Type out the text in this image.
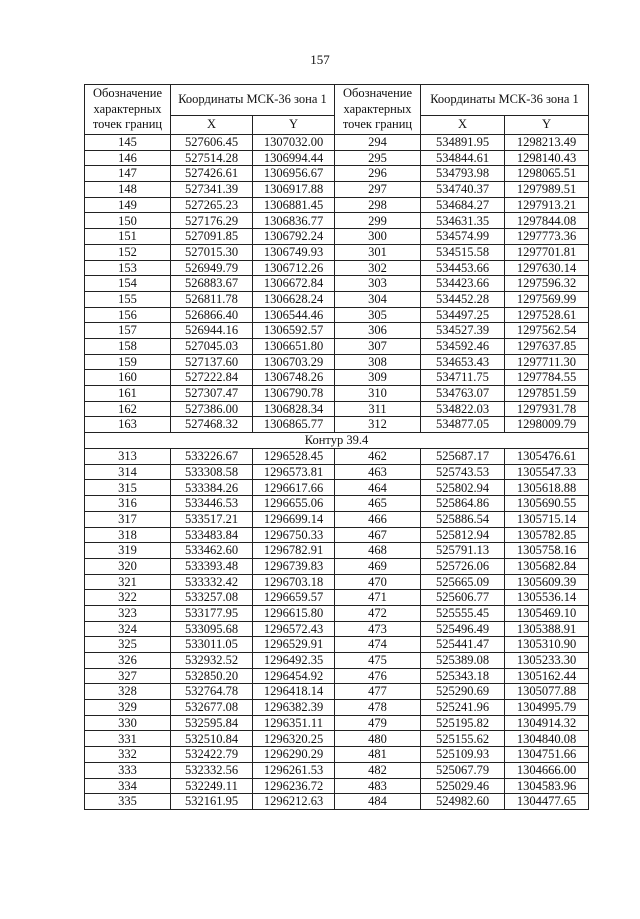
157
Обозначение характерных точек границ	Координаты МСК-36 зона 1		Обозначение характерных точек границ	Координаты МСК-36 зона 1	
	X	Y		X	Y
145	527606.45	1307032.00	294	534891.95	1298213.49
146	527514.28	1306994.44	295	534844.61	1298140.43
147	527426.61	1306956.67	296	534793.98	1298065.51
148	527341.39	1306917.88	297	534740.37	1297989.51
149	527265.23	1306881.45	298	534684.27	1297913.21
150	527176.29	1306836.77	299	534631.35	1297844.08
151	527091.85	1306792.24	300	534574.99	1297773.36
152	527015.30	1306749.93	301	534515.58	1297701.81
153	526949.79	1306712.26	302	534453.66	1297630.14
154	526883.67	1306672.84	303	534423.66	1297596.32
155	526811.78	1306628.24	304	534452.28	1297569.99
156	526866.40	1306544.46	305	534497.25	1297528.61
157	526944.16	1306592.57	306	534527.39	1297562.54
158	527045.03	1306651.80	307	534592.46	1297637.85
159	527137.60	1306703.29	308	534653.43	1297711.30
160	527222.84	1306748.26	309	534711.75	1297784.55
161	527307.47	1306790.78	310	534763.07	1297851.59
162	527386.00	1306828.34	311	534822.03	1297931.78
163	527468.32	1306865.77	312	534877.05	1298009.79
Контур 39.4					
313	533226.67	1296528.45	462	525687.17	1305476.61
314	533308.58	1296573.81	463	525743.53	1305547.33
315	533384.26	1296617.66	464	525802.94	1305618.88
316	533446.53	1296655.06	465	525864.86	1305690.55
317	533517.21	1296699.14	466	525886.54	1305715.14
318	533483.84	1296750.33	467	525812.94	1305782.85
319	533462.60	1296782.91	468	525791.13	1305758.16
320	533393.48	1296739.83	469	525726.06	1305682.84
321	533332.42	1296703.18	470	525665.09	1305609.39
322	533257.08	1296659.57	471	525606.77	1305536.14
323	533177.95	1296615.80	472	525555.45	1305469.10
324	533095.68	1296572.43	473	525496.49	1305388.91
325	533011.05	1296529.91	474	525441.47	1305310.90
326	532932.52	1296492.35	475	525389.08	1305233.30
327	532850.20	1296454.92	476	525343.18	1305162.44
328	532764.78	1296418.14	477	525290.69	1305077.88
329	532677.08	1296382.39	478	525241.96	1304995.79
330	532595.84	1296351.11	479	525195.82	1304914.32
331	532510.84	1296320.25	480	525155.62	1304840.08
332	532422.79	1296290.29	481	525109.93	1304751.66
333	532332.56	1296261.53	482	525067.79	1304666.00
334	532249.11	1296236.72	483	525029.46	1304583.96
335	532161.95	1296212.63	484	524982.60	1304477.65
